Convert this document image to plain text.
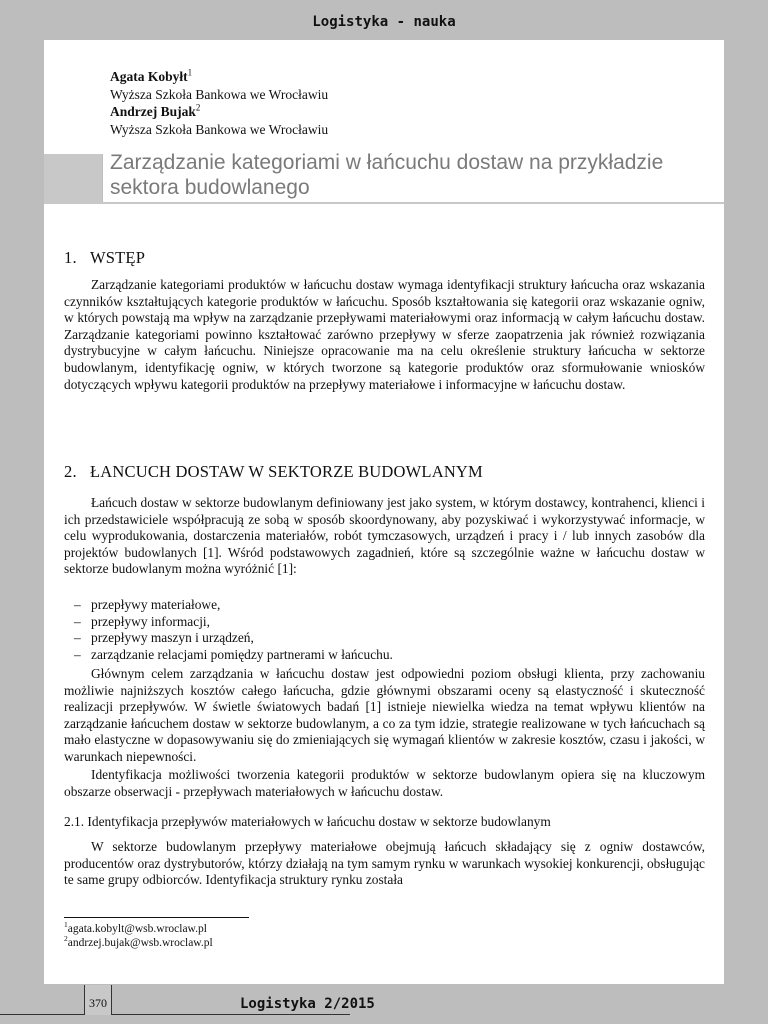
Logistyka - nauka
Agata Kobyłt$^1$
Wyższa Szkoła Bankowa we Wrocławiu
Andrzej Bujak$^2$
Wyższa Szkoła Bankowa we Wrocławiu
Zarządzanie kategoriami w łańcuchu dostaw na przykładzie sektora budowlanego
1. WSTĘP
Zarządzanie kategoriami produktów w łańcuchu dostaw wymaga identyfikacji struktury łańcucha oraz wskazania czynników kształtujących kategorie produktów w łańcuchu. Sposób kształtowania się kategorii oraz wskazanie ogniw, w których powstają ma wpływ na zarządzanie przepływami materiałowymi oraz informacją w całym łańcuchu dostaw. Zarządzanie kategoriami powinno kształtować zarówno przepływy w sferze zaopatrzenia jak również rozwiązania dystrybucyjne w całym łańcuchu. Niniejsze opracowanie ma na celu określenie struktury łańcucha w sektorze budowlanym, identyfikację ogniw, w których tworzone są kategorie produktów oraz sformułowanie wniosków dotyczących wpływu kategorii produktów na przepływy materiałowe i informacyjne w łańcuchu dostaw.
2. ŁANCUCH DOSTAW W SEKTORZE BUDOWLANYM
Łańcuch dostaw w sektorze budowlanym definiowany jest jako system, w którym dostawcy, kontrahenci, klienci i ich przedstawiciele współpracują ze sobą w sposób skoordynowany, aby pozyskiwać i wykorzystywać informacje, w celu wyprodukowania, dostarczenia materiałów, robót tymczasowych, urządzeń i pracy i / lub innych zasobów dla projektów budowlanych [1]. Wśród podstawowych zagadnień, które są szczególnie ważne w łańcuchu dostaw w sektorze budowlanym można wyróżnić [1]:
– przepływy materiałowe,
– przepływy informacji,
– przepływy maszyn i urządzeń,
– zarządzanie relacjami pomiędzy partnerami w łańcuchu.
Głównym celem zarządzania w łańcuchu dostaw jest odpowiedni poziom obsługi klienta, przy zachowaniu możliwie najniższych kosztów całego łańcucha, gdzie głównymi obszarami oceny są elastyczność i skuteczność realizacji przepływów. W świetle światowych badań [1] istnieje niewielka wiedza na temat wpływu klientów na zarządzanie łańcuchem dostaw w sektorze budowlanym, a co za tym idzie, strategie realizowane w tych łańcuchach są mało elastyczne w dopasowywaniu się do zmieniających się wymagań klientów w zakresie kosztów, czasu i jakości, w warunkach niepewności.
Identyfikacja możliwości tworzenia kategorii produktów w sektorze budowlanym opiera się na kluczowym obszarze obserwacji - przepływach materiałowych w łańcuchu dostaw.
2.1. Identyfikacja przepływów materiałowych w łańcuchu dostaw w sektorze budowlanym
W sektorze budowlanym przepływy materiałowe obejmują łańcuch składający się z ogniw dostawców, producentów oraz dystrybutorów, którzy działają na tym samym rynku w warunkach wysokiej konkurencji, obsługując te same grupy odbiorców. Identyfikacja struktury rynku została
$^1$agata.kobylt@wsb.wroclaw.pl
$^2$andrzej.bujak@wsb.wroclaw.pl
370	Logistyka 2/2015
